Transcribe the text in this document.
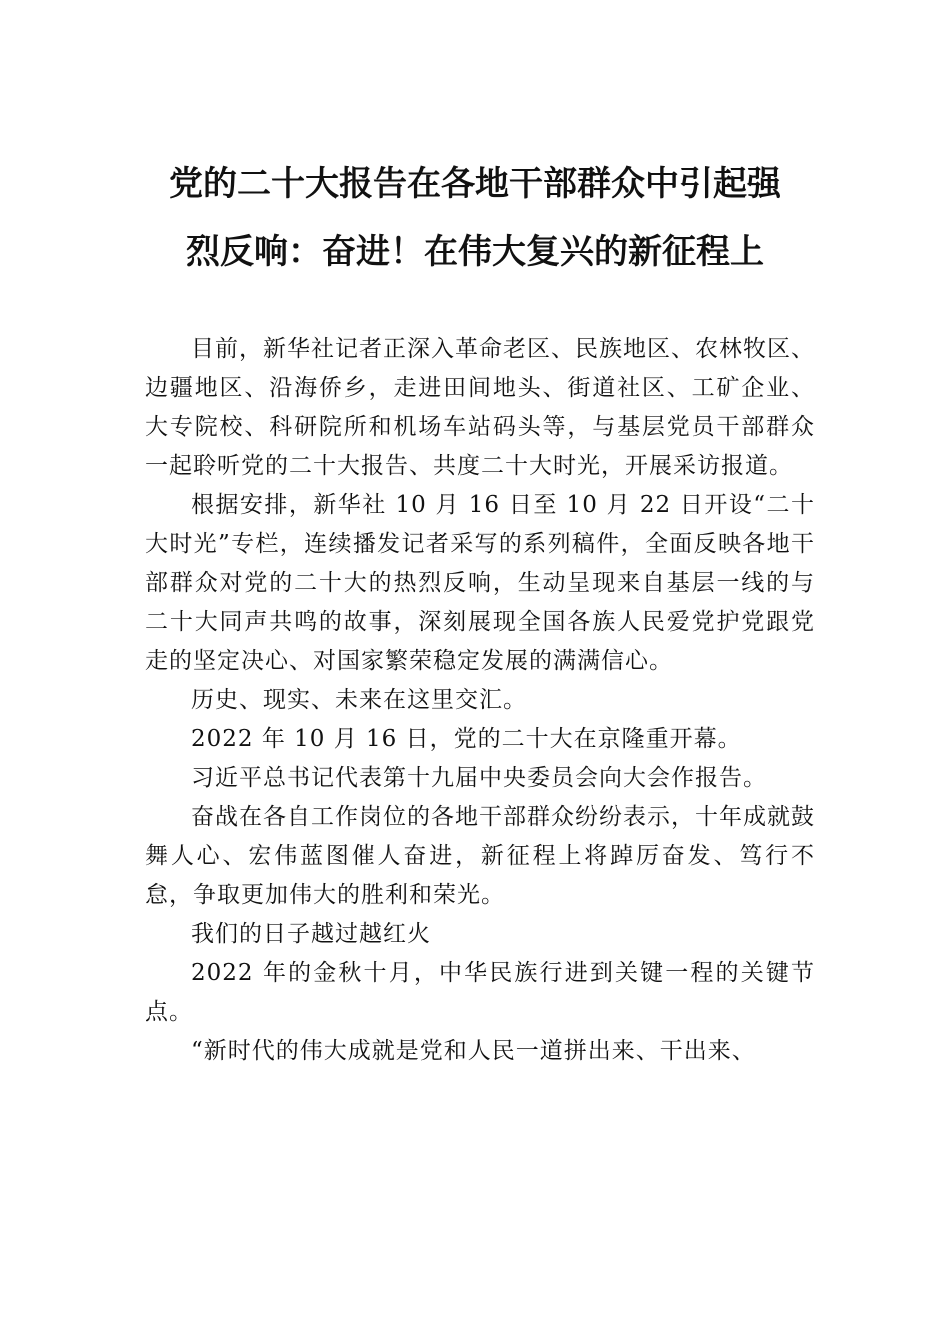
党的二十大报告在各地干部群众中引起强
烈反响：奋进！在伟大复兴的新征程上

目前，新华社记者正深入革命老区、民族地区、农林牧区、边疆地区、沿海侨乡，走进田间地头、街道社区、工矿企业、大专院校、科研院所和机场车站码头等，与基层党员干部群众一起聆听党的二十大报告、共度二十大时光，开展采访报道。

根据安排，新华社 10 月 16 日至 10 月 22 日开设“二十大时光”专栏，连续播发记者采写的系列稿件，全面反映各地干部群众对党的二十大的热烈反响，生动呈现来自基层一线的与二十大同声共鸣的故事，深刻展现全国各族人民爱党护党跟党走的坚定决心、对国家繁荣稳定发展的满满信心。

历史、现实、未来在这里交汇。

2022 年 10 月 16 日，党的二十大在京隆重开幕。

习近平总书记代表第十九届中央委员会向大会作报告。

奋战在各自工作岗位的各地干部群众纷纷表示，十年成就鼓舞人心、宏伟蓝图催人奋进，新征程上将踔厉奋发、笃行不怠，争取更加伟大的胜利和荣光。

我们的日子越过越红火

2022 年的金秋十月，中华民族行进到关键一程的关键节点。

“新时代的伟大成就是党和人民一道拼出来、干出来、
